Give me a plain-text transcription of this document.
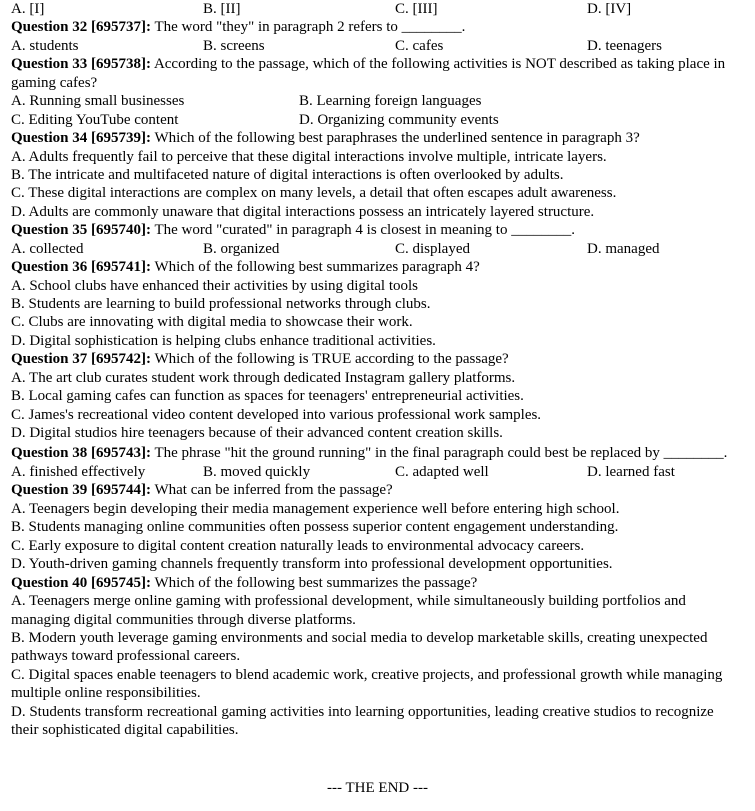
A. [I]	B. [II]	C. [III]	D. [IV]
Question 32 [695737]: The word "they" in paragraph 2 refers to ________.
A. students	B. screens	C. cafes	D. teenagers
Question 33 [695738]: According to the passage, which of the following activities is NOT described as taking place in gaming cafes?
A. Running small businesses	B. Learning foreign languages
C. Editing YouTube content	D. Organizing community events
Question 34 [695739]: Which of the following best paraphrases the underlined sentence in paragraph 3?
A. Adults frequently fail to perceive that these digital interactions involve multiple, intricate layers.
B. The intricate and multifaceted nature of digital interactions is often overlooked by adults.
C. These digital interactions are complex on many levels, a detail that often escapes adult awareness.
D. Adults are commonly unaware that digital interactions possess an intricately layered structure.
Question 35 [695740]: The word "curated" in paragraph 4 is closest in meaning to ________.
A. collected	B. organized	C. displayed	D. managed
Question 36 [695741]: Which of the following best summarizes paragraph 4?
A. School clubs have enhanced their activities by using digital tools
B. Students are learning to build professional networks through clubs.
C. Clubs are innovating with digital media to showcase their work.
D. Digital sophistication is helping clubs enhance traditional activities.
Question 37 [695742]: Which of the following is TRUE according to the passage?
A. The art club curates student work through dedicated Instagram gallery platforms.
B. Local gaming cafes can function as spaces for teenagers' entrepreneurial activities.
C. James's recreational video content developed into various professional work samples.
D. Digital studios hire teenagers because of their advanced content creation skills.
Question 38 [695743]: The phrase "hit the ground running" in the final paragraph could best be replaced by ________.
A. finished effectively	B. moved quickly	C. adapted well	D. learned fast
Question 39 [695744]: What can be inferred from the passage?
A. Teenagers begin developing their media management experience well before entering high school.
B. Students managing online communities often possess superior content engagement understanding.
C. Early exposure to digital content creation naturally leads to environmental advocacy careers.
D. Youth-driven gaming channels frequently transform into professional development opportunities.
Question 40 [695745]: Which of the following best summarizes the passage?
A. Teenagers merge online gaming with professional development, while simultaneously building portfolios and managing digital communities through diverse platforms.
B. Modern youth leverage gaming environments and social media to develop marketable skills, creating unexpected pathways toward professional careers.
C. Digital spaces enable teenagers to blend academic work, creative projects, and professional growth while managing multiple online responsibilities.
D. Students transform recreational gaming activities into learning opportunities, leading creative studios to recognize their sophisticated digital capabilities.
--- THE END ---
